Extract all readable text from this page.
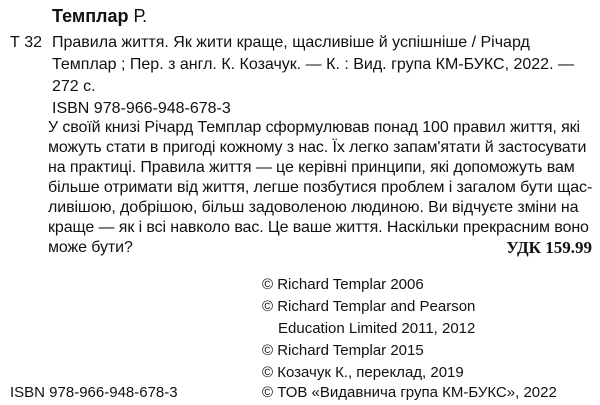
Темплар Р.
Т 32 Правила життя. Як жити краще, щасливіше й успішніше / Річард
Темплар ; Пер. з англ. К. Козачук. — К. : Вид. група КМ-БУКС, 2022. —
272 с.
ISBN 978-966-948-678-3
У своїй книзі Річард Темплар сформулював понад 100 правил життя, які
можуть стати в пригоді кожному з нас. Їх легко запам'ятати й застосувати
на практиці. Правила життя — це керівні принципи, які допоможуть вам
більше отримати від життя, легше позбутися проблем і загалом бути щас-
ливішою, добрішою, більш задоволеною людиною. Ви відчуєте зміни на
краще — як і всі навколо вас. Це ваше життя. Наскільки прекрасним воно
може бути?	УДК 159.99
© Richard Templar 2006
© Richard Templar and Pearson
Education Limited 2011, 2012
© Richard Templar 2015
© Козачук К., переклад, 2019
© ТОВ «Видавнича група КМ-БУКС», 2022
ISBN 978-966-948-678-3
